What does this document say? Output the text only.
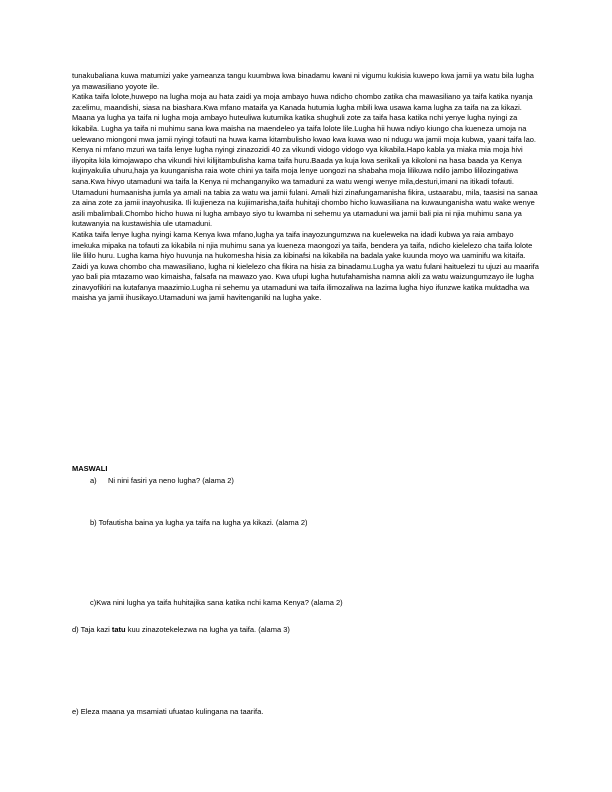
tunakubaliana kuwa matumizi yake yameanza tangu kuumbwa kwa binadamu kwani ni vigumu kukisia kuwepo kwa jamii ya watu bila lugha ya mawasiliano yoyote ile.

Katika taifa lolote,huwepo na lugha moja au hata zaidi ya moja ambayo huwa ndicho chombo zatika cha mawasiliano ya taifa katika nyanja za:elimu, maandishi, siasa na biashara.Kwa mfano mataifa ya Kanada hutumia lugha mbili kwa usawa kama lugha za taifa na za kikazi. Maana ya lugha ya taifa ni lugha moja ambayo huteuliwa kutumika katika shughuli zote za taifa hasa katika nchi yenye lugha nyingi za kikabila. Lugha ya taifa ni muhimu sana kwa maisha na maendeleo ya taifa lolote lile.Lugha hii huwa ndiyo kiungo cha kueneza umoja na uelewano miongoni mwa jamii nyingi tofauti na huwa kama kitambulisho kwao kwa kuwa wao ni ndugu wa jamii moja kubwa, yaani taifa lao.

Kenya ni mfano mzuri wa taifa lenye lugha nyingi zinazozidi 40 za vikundi vidogo vidogo vya kikabila.Hapo kabla ya miaka mia moja hivi iliyopita kila kimojawapo cha vikundi hivi kilijitambulisha kama taifa huru.Baada ya kuja kwa serikali ya kikoloni na hasa baada ya Kenya kujinyakulia uhuru,haja ya kuunganisha raia wote chini ya taifa moja lenye uongozi na shabaha moja lilikuwa ndilo jambo lililozingatiwa sana.Kwa hivyo utamaduni wa taifa la Kenya ni mchanganyiko wa tamaduni za watu wengi wenye mila,desturi,imani na itikadi tofauti. Utamaduni humaanisha jumla ya amali na tabia za watu wa jamii fulani. Amali hizi zinafungamanisha fikira, ustaarabu, mila, taasisi na sanaa za aina zote za jamii inayohusika. Ili kujieneza na kujiimarisha,taifa huhitaji chombo hicho kuwasiliana na kuwaunganisha watu wake wenye asili mbalimbali.Chombo hicho huwa ni lugha ambayo siyo tu kwamba ni sehemu ya utamaduni wa jamii bali pia ni njia muhimu sana ya kutawanyia na kustawishia ule utamaduni.

Katika taifa lenye lugha nyingi kama Kenya kwa mfano,lugha ya taifa inayozungumzwa na kueleweka na idadi kubwa ya raia ambayo imekuka mipaka na tofauti za kikabila ni njia muhimu sana ya kueneza maongozi ya taifa, bendera ya taifa, ndicho kielelezo cha taifa lolote lile lililo huru. Lugha kama hiyo huvunja na hukomesha hisia za kibinafsi na kikabila na badala yake kuunda moyo wa uaminifu wa kitaifa. Zaidi ya kuwa chombo cha mawasiliano, lugha ni kielelezo cha fikira na hisia za binadamu.Lugha ya watu fulani haituelezi tu ujuzi au maarifa yao bali pia mtazamo wao kimaisha, falsafa na mawazo yao. Kwa ufupi lugha hutufahamisha namna akili za watu waizungumzayo ile lugha zinavyofikiri na kutafanya maazimio.Lugha ni sehemu ya utamaduni wa taifa ilimozaliwa na lazima lugha hiyo ifunzwe katika muktadha wa maisha ya jamii ihusikayo.Utamaduni wa jamii havitenganiki na lugha yake.

MASWALI
a) Ni nini fasiri ya neno lugha? (alama 2)
b) Tofautisha baina ya lugha ya taifa na lugha ya kikazi. (alama 2)
c)Kwa nini lugha ya taifa huhitajika sana katika nchi kama Kenya? (alama 2)
d) Taja kazi tatu kuu zinazotekelezwa na lugha ya taifa. (alama 3)
e) Eleza maana ya msamiati ufuatao kulingana na taarifa.
